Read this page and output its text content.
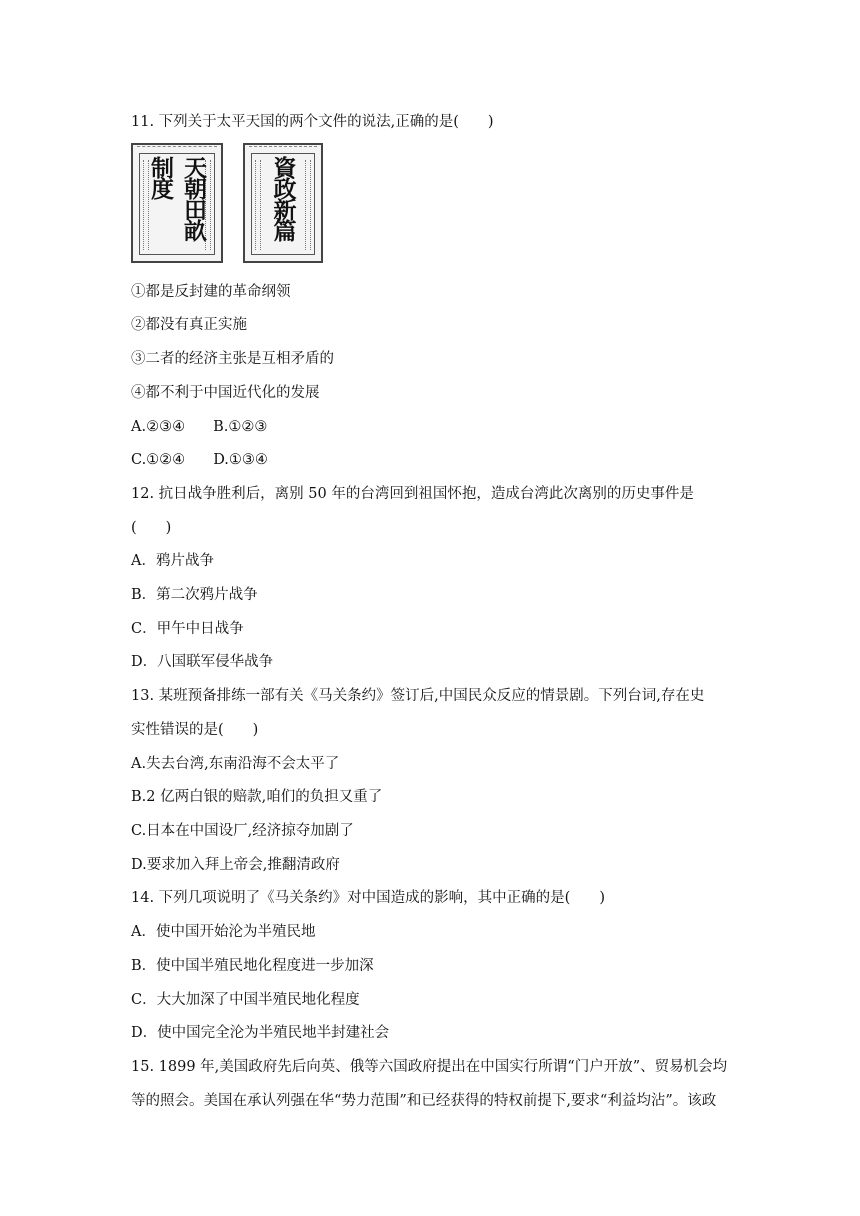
11. 下列关于太平天国的两个文件的说法,正确的是(　　)
天朝田畝制度	資政新篇
①都是反封建的革命纲领
②都没有真正实施
③二者的经济主张是互相矛盾的
④都不利于中国近代化的发展
A.②③④ B.①②③
C.①②④ D.①③④
12. 抗日战争胜利后，离别 50 年的台湾回到祖国怀抱，造成台湾此次离别的历史事件是
(　　)
A．鸦片战争
B．第二次鸦片战争
C．甲午中日战争
D．八国联军侵华战争
13. 某班预备排练一部有关《马关条约》签订后,中国民众反应的情景剧。下列台词,存在史
实性错误的是(　　)
A.失去台湾,东南沿海不会太平了
B.2 亿两白银的赔款,咱们的负担又重了
C.日本在中国设厂,经济掠夺加剧了
D.要求加入拜上帝会,推翻清政府
14. 下列几项说明了《马关条约》对中国造成的影响，其中正确的是(　　)
A．使中国开始沦为半殖民地
B．使中国半殖民地化程度进一步加深
C．大大加深了中国半殖民地化程度
D．使中国完全沦为半殖民地半封建社会
15. 1899 年,美国政府先后向英、俄等六国政府提出在中国实行所谓“门户开放”、贸易机会均
等的照会。美国在承认列强在华“势力范围”和已经获得的特权前提下,要求“利益均沾”。该政
